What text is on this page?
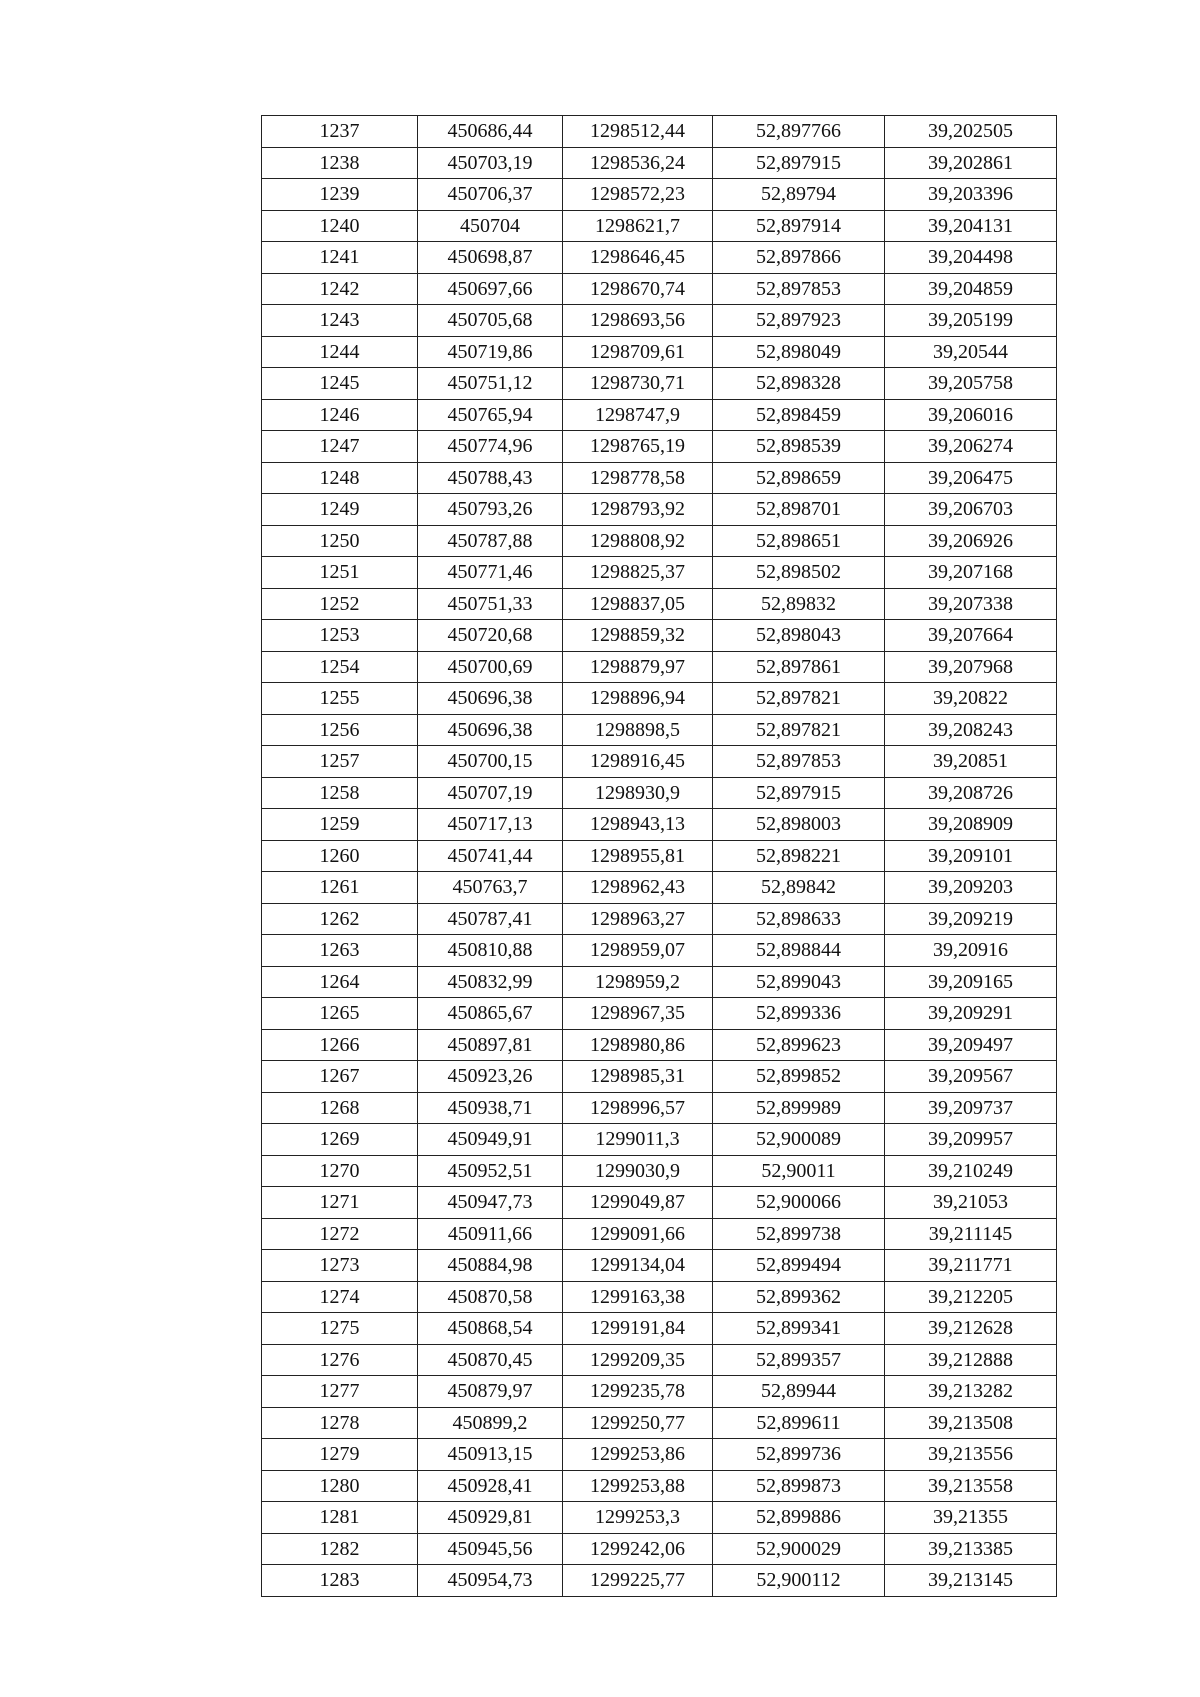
1237	450686,44	1298512,44	52,897766	39,202505
1238	450703,19	1298536,24	52,897915	39,202861
1239	450706,37	1298572,23	52,89794	39,203396
1240	450704	1298621,7	52,897914	39,204131
1241	450698,87	1298646,45	52,897866	39,204498
1242	450697,66	1298670,74	52,897853	39,204859
1243	450705,68	1298693,56	52,897923	39,205199
1244	450719,86	1298709,61	52,898049	39,20544
1245	450751,12	1298730,71	52,898328	39,205758
1246	450765,94	1298747,9	52,898459	39,206016
1247	450774,96	1298765,19	52,898539	39,206274
1248	450788,43	1298778,58	52,898659	39,206475
1249	450793,26	1298793,92	52,898701	39,206703
1250	450787,88	1298808,92	52,898651	39,206926
1251	450771,46	1298825,37	52,898502	39,207168
1252	450751,33	1298837,05	52,89832	39,207338
1253	450720,68	1298859,32	52,898043	39,207664
1254	450700,69	1298879,97	52,897861	39,207968
1255	450696,38	1298896,94	52,897821	39,20822
1256	450696,38	1298898,5	52,897821	39,208243
1257	450700,15	1298916,45	52,897853	39,20851
1258	450707,19	1298930,9	52,897915	39,208726
1259	450717,13	1298943,13	52,898003	39,208909
1260	450741,44	1298955,81	52,898221	39,209101
1261	450763,7	1298962,43	52,89842	39,209203
1262	450787,41	1298963,27	52,898633	39,209219
1263	450810,88	1298959,07	52,898844	39,20916
1264	450832,99	1298959,2	52,899043	39,209165
1265	450865,67	1298967,35	52,899336	39,209291
1266	450897,81	1298980,86	52,899623	39,209497
1267	450923,26	1298985,31	52,899852	39,209567
1268	450938,71	1298996,57	52,899989	39,209737
1269	450949,91	1299011,3	52,900089	39,209957
1270	450952,51	1299030,9	52,90011	39,210249
1271	450947,73	1299049,87	52,900066	39,21053
1272	450911,66	1299091,66	52,899738	39,211145
1273	450884,98	1299134,04	52,899494	39,211771
1274	450870,58	1299163,38	52,899362	39,212205
1275	450868,54	1299191,84	52,899341	39,212628
1276	450870,45	1299209,35	52,899357	39,212888
1277	450879,97	1299235,78	52,89944	39,213282
1278	450899,2	1299250,77	52,899611	39,213508
1279	450913,15	1299253,86	52,899736	39,213556
1280	450928,41	1299253,88	52,899873	39,213558
1281	450929,81	1299253,3	52,899886	39,21355
1282	450945,56	1299242,06	52,900029	39,213385
1283	450954,73	1299225,77	52,900112	39,213145
